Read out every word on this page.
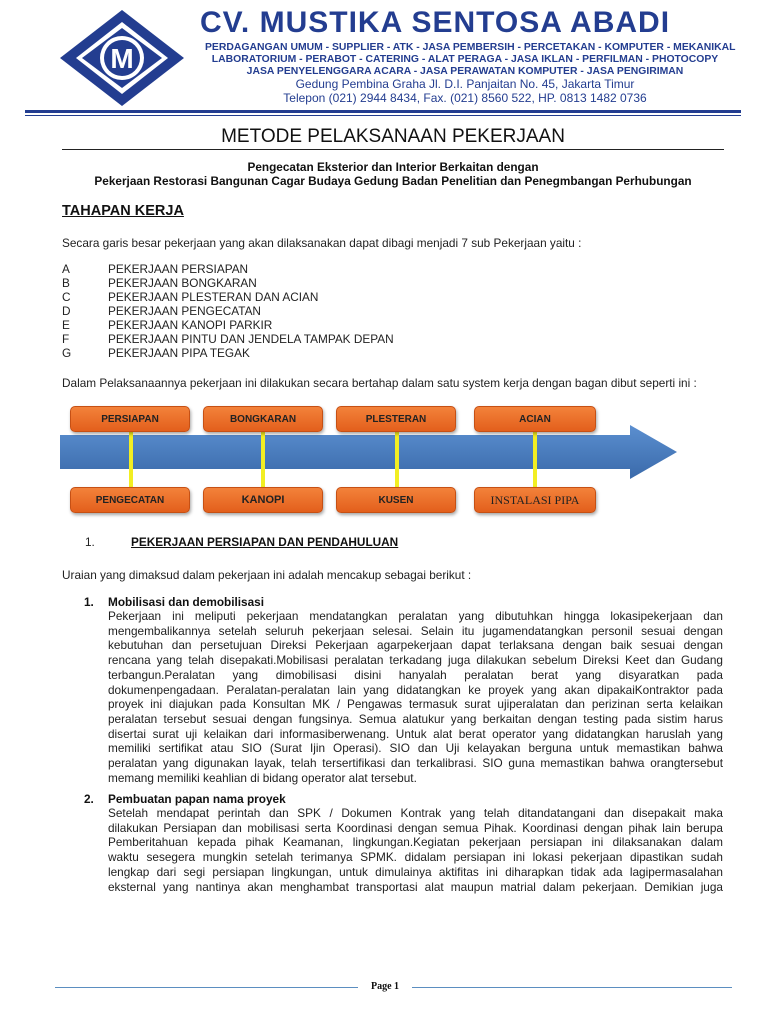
M
CV. MUSTIKA SENTOSA ABADI
PERDAGANGAN UMUM - SUPPLIER - ATK - JASA PEMBERSIH - PERCETAKAN - KOMPUTER - MEKANIKAL
LABORATORIUM - PERABOT - CATERING - ALAT PERAGA - JASA IKLAN - PERFILMAN - PHOTOCOPY
JASA PENYELENGGARA ACARA - JASA PERAWATAN KOMPUTER - JASA PENGIRIMAN
Gedung Pembina Graha Jl. D.I. Panjaitan No. 45, Jakarta Timur
Telepon (021) 2944 8434, Fax. (021) 8560 522, HP. 0813 1482 0736
METODE PELAKSANAAN PEKERJAAN
Pengecatan Eksterior dan Interior Berkaitan dengan
Pekerjaan Restorasi Bangunan Cagar Budaya Gedung Badan Penelitian dan Penegmbangan Perhubungan
TAHAPAN KERJA
Secara garis besar pekerjaan yang akan dilaksanakan dapat dibagi menjadi 7 sub Pekerjaan yaitu :
A	PEKERJAAN PERSIAPAN
B	PEKERJAAN BONGKARAN
C	PEKERJAAN PLESTERAN DAN ACIAN
D	PEKERJAAN PENGECATAN
E	PEKERJAAN KANOPI PARKIR
F	PEKERJAAN PINTU DAN JENDELA TAMPAK DEPAN
G	PEKERJAAN PIPA TEGAK
Dalam Pelaksanaannya pekerjaan ini dilakukan secara bertahap dalam satu system kerja dengan bagan dibut seperti ini :
PERSIAPAN	BONGKARAN	PLESTERAN	ACIAN
PENGECATAN	KANOPI	KUSEN	INSTALASI PIPA
1.	PEKERJAAN PERSIAPAN DAN PENDAHULUAN
Uraian yang dimaksud dalam pekerjaan ini adalah mencakup sebagai berikut :
1. Mobilisasi dan demobilisasi
Pekerjaan ini meliputi pekerjaan mendatangkan peralatan yang dibutuhkan hingga lokasipekerjaan dan
mengembalikannya setelah seluruh pekerjaan selesai. Selain itu jugamendatangkan personil sesuai dengan
kebutuhan dan persetujuan Direksi Pekerjaan agarpekerjaan dapat terlaksana dengan baik sesuai dengan
rencana yang telah disepakati.Mobilisasi peralatan terkadang juga dilakukan sebelum Direksi Keet dan Gudang
terbangun.Peralatan yang dimobilisasi disini hanyalah peralatan berat yang disyaratkan pada
dokumenpengadaan. Peralatan-peralatan lain yang didatangkan ke proyek yang akan dipakaiKontraktor pada
proyek ini diajukan pada Konsultan MK / Pengawas termasuk surat ujiperalatan dan perizinan serta kelaikan
peralatan tersebut sesuai dengan fungsinya. Semua alatukur yang berkaitan dengan testing pada sistim harus
disertai surat uji kelaikan dari informasiberwenang. Untuk alat berat operator yang didatangkan haruslah yang
memiliki sertifikat atau SIO (Surat Ijin Operasi). SIO dan Uji kelayakan berguna untuk memastikan bahwa
peralatan yang digunakan layak, telah tersertifikasi dan terkalibrasi. SIO guna memastikan bahwa orangtersebut
memang memiliki keahlian di bidang operator alat tersebut.
2. Pembuatan papan nama proyek
Setelah mendapat perintah dan SPK / Dokumen Kontrak yang telah ditandatangani dan disepakait maka
dilakukan Persiapan dan mobilisasi serta Koordinasi dengan semua Pihak. Koordinasi dengan pihak lain berupa
Pemberitahuan kepada pihak Keamanan, lingkungan.Kegiatan pekerjaan persiapan ini dilaksanakan dalam
waktu sesegera mungkin setelah terimanya SPMK. didalam persiapan ini lokasi pekerjaan dipastikan sudah
lengkap dari segi persiapan lingkungan, untuk dimulainya aktifitas ini diharapkan tidak ada lagipermasalahan
eksternal yang nantinya akan menghambat transportasi alat maupun matrial dalam pekerjaan. Demikian juga
Page 1
